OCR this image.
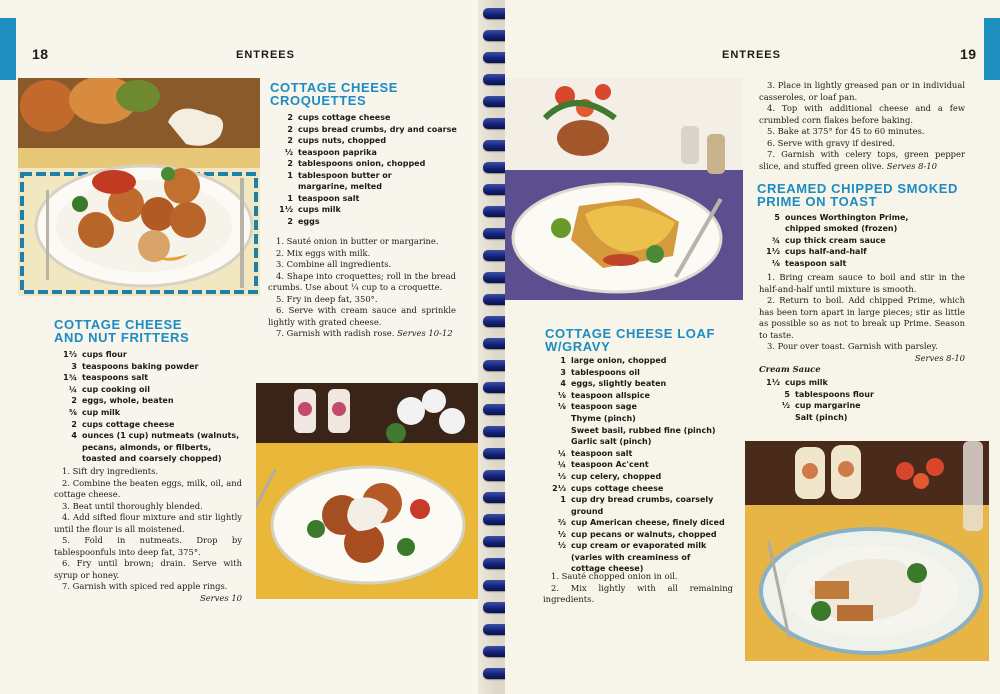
18	ENTREES
COTTAGE CHEESE
CROQUETTES
2 cups cottage cheese
2 cups bread crumbs, dry and coarse
2 cups nuts, chopped
½ teaspoon paprika
2 tablespoons onion, chopped
1 tablespoon butter or margarine, melted
1 teaspoon salt
1½ cups milk
2 eggs

1. Sauté onion in butter or margarine.

2. Mix eggs with milk.

3. Combine all ingredients.

4. Shape into croquettes; roll in the bread crumbs. Use about ¼ cup to a croquette.

5. Fry in deep fat, 350°.

6. Serve with cream sauce and sprinkle lightly with grated cheese.

7. Garnish with radish rose. Serves 10-12

COTTAGE CHEESE
AND NUT FRITTERS
1⅔ cups flour
3 teaspoons baking powder
1¾ teaspoons salt
¼ cup cooking oil
2 eggs, whole, beaten
⅜ cup milk
2 cups cottage cheese
4 ounces (1 cup) nutmeats (walnuts, pecans, almonds, or filberts, toasted and coarsely chopped)

1. Sift dry ingredients.

2. Combine the beaten eggs, milk, oil, and cottage cheese.

3. Beat until thoroughly blended.

4. Add sifted flour mixture and stir lightly until the flour is all moistened.

5. Fold in nutmeats. Drop by tablespoonfuls into deep fat, 375°.

6. Fry until brown; drain. Serve with syrup or honey.

7. Garnish with spiced red apple rings.

Serves 10
ENTREES	19

3. Place in lightly greased pan or in individual casseroles, or loaf pan.

4. Top with additional cheese and a few crumbled corn flakes before baking.

5. Bake at 375° for 45 to 60 minutes.

6. Serve with gravy if desired.

7. Garnish with celery tops, green pepper slice, and stuffed green olive. Serves 8-10

CREAMED CHIPPED SMOKED
PRIME ON TOAST
5 ounces Worthington Prime, chipped smoked (frozen)
¾ cup thick cream sauce
1½ cups half-and-half
⅛ teaspoon salt

1. Bring cream sauce to boil and stir in the half-and-half until mixture is smooth.

2. Return to boil. Add chipped Prime, which has been torn apart in large pieces; stir as little as possible so as not to break up Prime. Season to taste.

3. Pour over toast. Garnish with parsley.

Serves 8-10
Cream Sauce
1½ cups milk
5 tablespoons flour
½ cup margarine
Salt (pinch)
COTTAGE CHEESE LOAF
W/GRAVY
1 large onion, chopped
3 tablespoons oil
4 eggs, slightly beaten
⅛ teaspoon allspice
⅛ teaspoon sage
Thyme (pinch)
Sweet basil, rubbed fine (pinch)
Garlic salt (pinch)
¼ teaspoon salt
¼ teaspoon Ac'cent
⅓ cup celery, chopped
2⅓ cups cottage cheese
1 cup dry bread crumbs, coarsely ground
⅔ cup American cheese, finely diced
½ cup pecans or walnuts, chopped
½ cup cream or evaporated milk (varies with creaminess of cottage cheese)

1. Sauté chopped onion in oil.

2. Mix lightly with all remaining ingredients.
